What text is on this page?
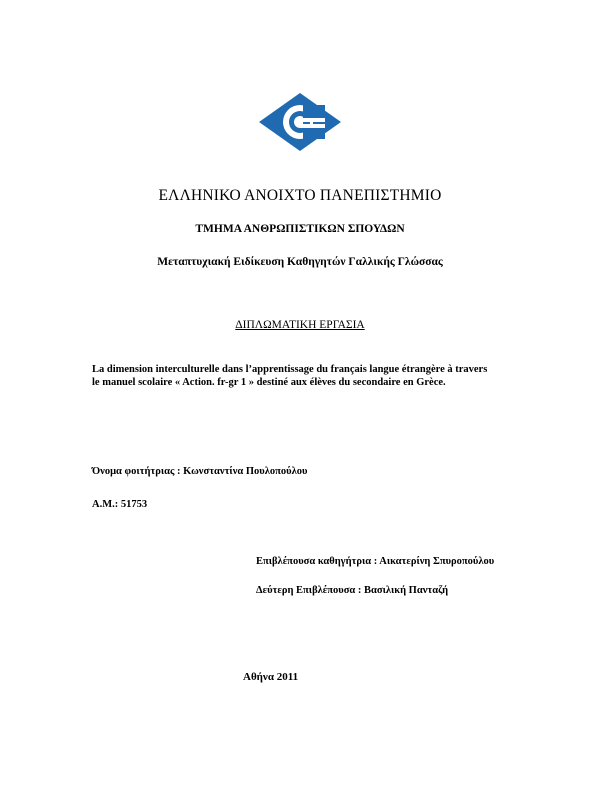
ΕΛΛΗΝΙΚΟ ΑΝΟΙΧΤΟ ΠΑΝΕΠΙΣΤΗΜΙΟ
ΤΜΗΜΑ ΑΝΘΡΩΠΙΣΤΙΚΩΝ ΣΠΟΥΔΩΝ
Μεταπτυχιακή Ειδίκευση Καθηγητών Γαλλικής Γλώσσας
ΔΙΠΛΩΜΑΤΙΚΗ ΕΡΓΑΣΙΑ
La dimension interculturelle dans l’apprentissage du français langue étrangère à travers
le manuel scolaire « Action. fr-gr 1 » destiné aux élèves du secondaire en Grèce.
Όνομα φοιτήτριας : Κωνσταντίνα Πουλοπούλου
Α.Μ.: 51753
Επιβλέπουσα καθηγήτρια : Αικατερίνη Σπυροπούλου
Δεύτερη Επιβλέπουσα : Βασιλική Πανταζή
Αθήνα 2011
